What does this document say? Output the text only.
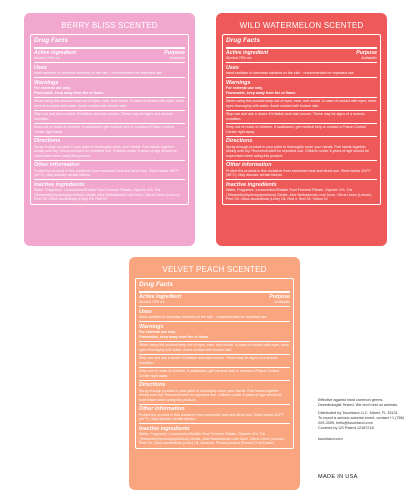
BERRY BLISS SCENTED
Drug Facts
Active ingredient	Purpose
Alcohol 70% v/v	Antiseptic
Uses

hand sanitizer to decrease bacteria on the skin · recommended for repeated use

Warnings

For external use only.

Flammable, keep away from fire or flame.

When using this product keep out of eyes, ears, and mouth. In case of contact with eyes, rinse eyes thoroughly with water. Avoid contact with broken skin.

Stop use and ask a doctor if irritation and rash occurs. These may be signs of a serious condition.

Keep out of reach of children. If swallowed, get medical help or contact a Poison Control Center right away.

Directions

Spray enough product in your palm to thoroughly cover your hands. Rub hands together briskly until dry. Recommended for repeated use. Children under 6 years of age should be supervised when using this product.

Other information

Protect the product in this container from excessive heat and direct sun. Store below 104°F (40°C). May discolor certain fabrics.

Inactive ingredients

Water, Fragrance, Leuconostoc/Radish Root Ferment Filtrate, Glycerin 4%, Tris (Tetramethylhydroxypiperidinol) Citrate, Aloe Barbadensis Leaf Juice, Citrus Limon (Lemon) Peel Oil, Citrus Aurantifolia (Lime) Oil, Red 33

WILD WATERMELON SCENTED
Drug Facts
Active ingredient	Purpose
Alcohol 70% v/v	Antiseptic
Uses

hand sanitizer to decrease bacteria on the skin · recommended for repeated use

Warnings

For external use only.

Flammable, keep away from fire or flame.

When using this product keep out of eyes, ears, and mouth. In case of contact with eyes, rinse eyes thoroughly with water. Avoid contact with broken skin.

Stop use and ask a doctor if irritation and rash occurs. These may be signs of a serious condition.

Keep out of reach of children. If swallowed, get medical help or contact a Poison Control Center right away.

Directions

Spray enough product in your palm to thoroughly cover your hands. Rub hands together briskly until dry. Recommended for repeated use. Children under 6 years of age should be supervised when using this product.

Other information

Protect the product in this container from excessive heat and direct sun. Store below 104°F (40°C). May discolor certain fabrics.

Inactive ingredients

Water, Fragrance, Leuconostoc/Radish Root Ferment Filtrate, Glycerin 4%, Tris (Tetramethylhydroxypiperidinol) Citrate, Aloe Barbadensis Leaf Juice, Citrus Limon (Lemon) Peel Oil, Citrus Aurantifolia (Lime) Oil, Red 4, Red 33, Yellow 10

VELVET PEACH SCENTED
Drug Facts
Active ingredient	Purpose
Alcohol 70% v/v	Antiseptic
Uses

hand sanitizer to decrease bacteria on the skin · recommended for repeated use

Warnings

For external use only.

Flammable, keep away from fire or flame.

When using this product keep out of eyes, ears, and mouth. In case of contact with eyes, rinse eyes thoroughly with water. Avoid contact with broken skin.

Stop use and ask a doctor if irritation and rash occurs. These may be signs of a serious condition.

Keep out of reach of children. If swallowed, get medical help or contact a Poison Control Center right away.

Directions

Spray enough product in your palm to thoroughly cover your hands. Rub hands together briskly until dry. Recommended for repeated use. Children under 6 years of age should be supervised when using this product.

Other information

Protect the product in this container from excessive heat and direct sun. Store below 104°F (40°C). May discolor certain fabrics.

Inactive ingredients

Water, Fragrance, Leuconostoc/Radish Root Ferment Filtrate, Glycerin 4%, Tris (Tetramethylhydroxypiperidinol) Citrate, Aloe Barbadensis Leaf Juice, Citrus Limon (Lemon) Peel Oil, Citrus Aurantifolia (Lime) Oil, Geraniol, Prunus persica (Peach) Fruit Extract

Effective against most common germs.

Dermatologist Tested. We don't test on animals.

Distributed by Touchland LLC. Miami, FL 33131

To report a serious adverse event, contact +1 (786) 209-3309, hello@touchland.com

Covered by US Patent 12187218

touchland.com

MADE IN USA
